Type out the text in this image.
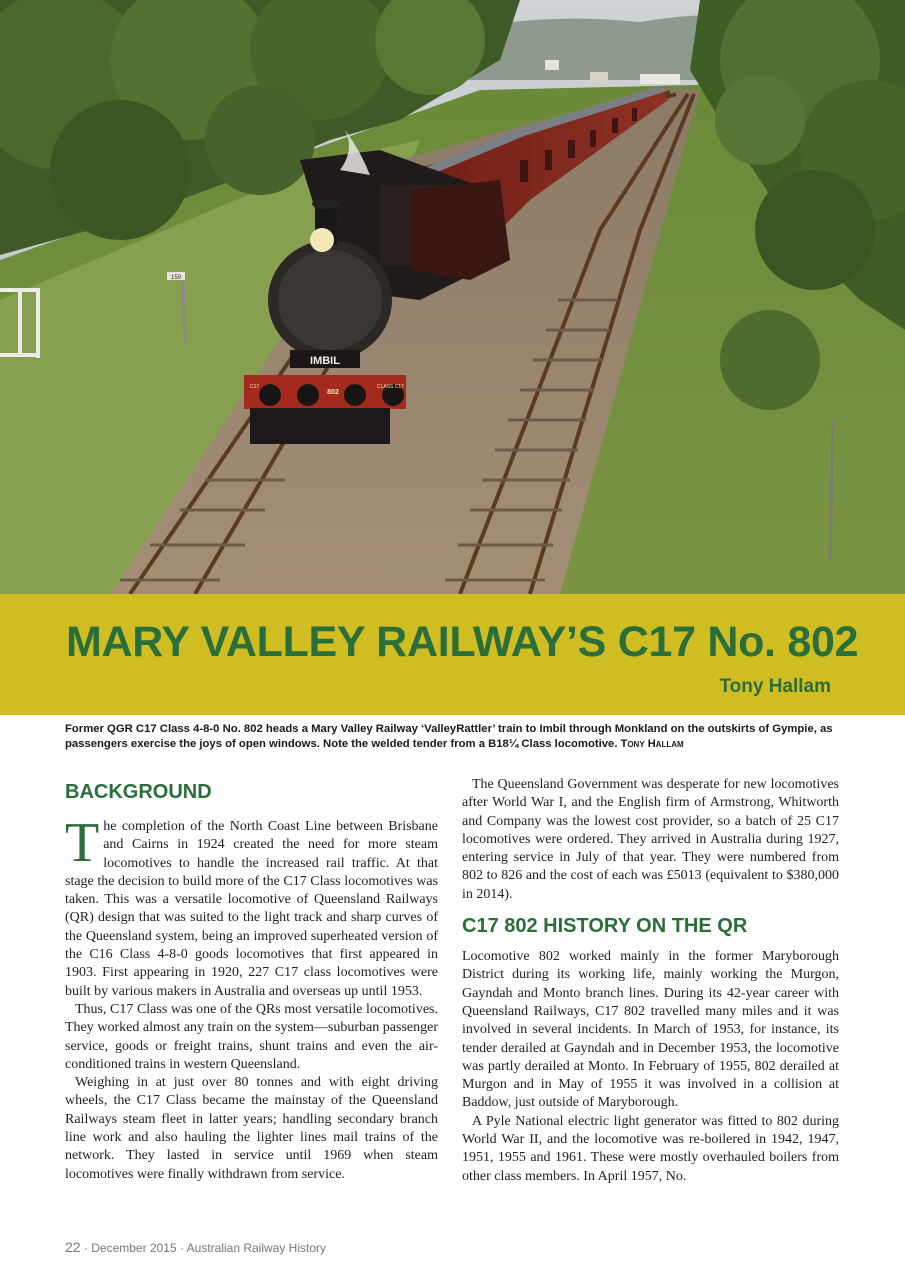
IMBIL
802
C17	CLASS C17
159
MARY VALLEY RAILWAY’S C17 No. 802
Tony Hallam
Former QGR C17 Class 4-8-0 No. 802 heads a Mary Valley Railway ‘ValleyRattler’ train to Imbil through Monkland on the outskirts of Gympie, as passengers exercise the joys of open windows. Note the welded tender from a B18¼ Class locomotive. Tony Hallam
BACKGROUND

The completion of the North Coast Line between Brisbane and Cairns in 1924 created the need for more steam locomotives to handle the increased rail traffic. At that stage the decision to build more of the C17 Class locomotives was taken. This was a versatile locomotive of Queensland Railways (QR) design that was suited to the light track and sharp curves of the Queensland system, being an improved superheated version of the C16 Class 4-8-0 goods locomotives that first appeared in 1903. First appearing in 1920, 227 C17 class locomotives were built by various makers in Australia and overseas up until 1953.

Thus, C17 Class was one of the QRs most versatile locomotives. They worked almost any train on the system—suburban passenger service, goods or freight trains, shunt trains and even the air-conditioned trains in western Queensland.

Weighing in at just over 80 tonnes and with eight driving wheels, the C17 Class became the mainstay of the Queensland Railways steam fleet in latter years; handling secondary branch line work and also hauling the lighter lines mail trains of the network. They lasted in service until 1969 when steam locomotives were finally withdrawn from service.

The Queensland Government was desperate for new locomotives after World War I, and the English firm of Armstrong, Whitworth and Company was the lowest cost provider, so a batch of 25 C17 locomotives were ordered. They arrived in Australia during 1927, entering service in July of that year. They were numbered from 802 to 826 and the cost of each was £5013 (equivalent to $380,000 in 2014).

C17 802 HISTORY ON THE QR

Locomotive 802 worked mainly in the former Maryborough District during its working life, mainly working the Murgon, Gayndah and Monto branch lines. During its 42-year career with Queensland Railways, C17 802 travelled many miles and it was involved in several incidents. In March of 1953, for instance, its tender derailed at Gayndah and in December 1953, the locomotive was partly derailed at Monto. In February of 1955, 802 derailed at Murgon and in May of 1955 it was involved in a collision at Baddow, just outside of Maryborough.

A Pyle National electric light generator was fitted to 802 during World War II, and the locomotive was re-boilered in 1942, 1947, 1951, 1955 and 1961. These were mostly overhauled boilers from other class members. In April 1957, No.

22 · December 2015 · Australian Railway History
